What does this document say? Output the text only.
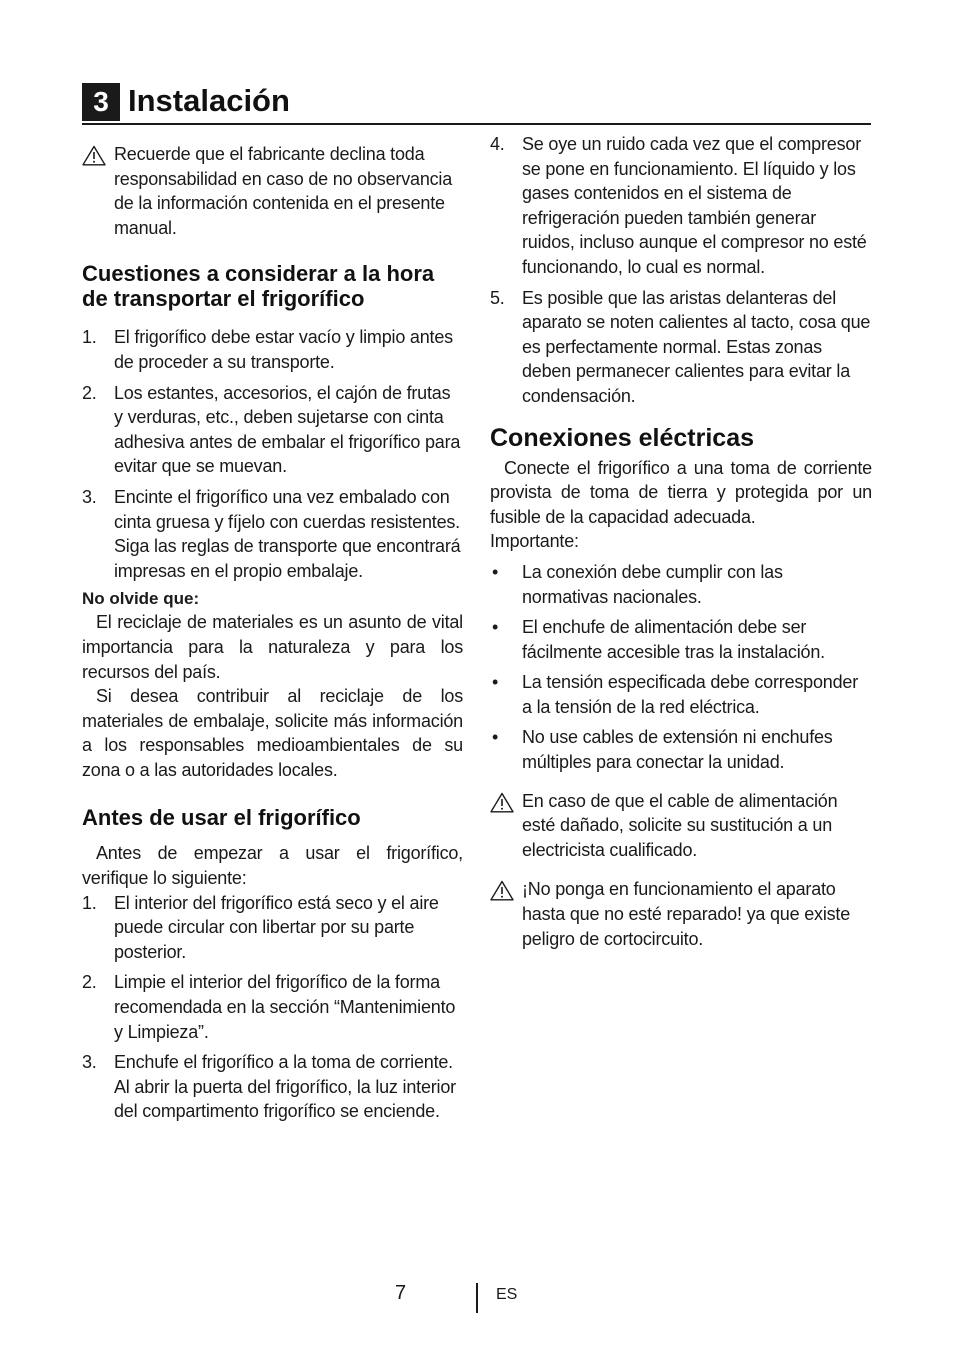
3 Instalación
Recuerde que el fabricante declina toda responsabilidad en caso de no observancia de la información contenida en el presente manual.
Cuestiones a considerar a la hora de transportar el frigorífico
1. El frigorífico debe estar vacío y limpio antes de proceder a su transporte.
2. Los estantes, accesorios, el cajón de frutas y verduras, etc., deben sujetarse con cinta adhesiva antes de embalar el frigorífico para evitar que se muevan.
3. Encinte el frigorífico una vez embalado con cinta gruesa y fíjelo con cuerdas resistentes. Siga las reglas de transporte que encontrará impresas en el propio embalaje.
No olvide que:
El reciclaje de materiales es un asunto de vital importancia para la naturaleza y para los recursos del país.
Si desea contribuir al reciclaje de los materiales de embalaje, solicite más información a los responsables medioambientales de su zona o a las autoridades locales.
Antes de usar el frigorífico
Antes de empezar a usar el frigorífico, verifique lo siguiente:
1. El interior del frigorífico está seco y el aire puede circular con libertar por su parte posterior.
2. Limpie el interior del frigorífico de la forma recomendada en la sección “Mantenimiento y Limpieza”.
3. Enchufe el frigorífico a la toma de corriente. Al abrir la puerta del frigorífico, la luz interior del compartimento frigorífico se enciende.
4. Se oye un ruido cada vez que el compresor se pone en funcionamiento. El líquido y los gases contenidos en el sistema de refrigeración pueden también generar ruidos, incluso aunque el compresor no esté funcionando, lo cual es normal.
5. Es posible que las aristas delanteras del aparato se noten calientes al tacto, cosa que es perfectamente normal. Estas zonas deben permanecer calientes para evitar la condensación.
Conexiones eléctricas
Conecte el frigorífico a una toma de corriente provista de toma de tierra y protegida por un fusible de la capacidad adecuada.
Importante:
• La conexión debe cumplir con las normativas nacionales.
• El enchufe de alimentación debe ser fácilmente accesible tras la instalación.
• La tensión especificada debe corresponder a la tensión de la red eléctrica.
• No use cables de extensión ni enchufes múltiples para conectar la unidad.
En caso de que el cable de alimentación esté dañado, solicite su sustitución a un electricista cualificado.
¡No ponga en funcionamiento el aparato hasta que no esté reparado! ya que existe peligro de cortocircuito.
7	ES
